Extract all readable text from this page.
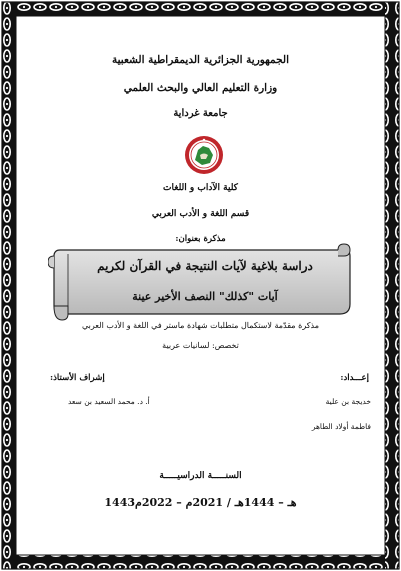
الجمهورية الجزائرية الديمقراطية الشعبية
وزارة التعليم العالي والبحث العلمي
جامعة غرداية
كلية الآداب و اللغات
قسم اللغة و الأدب العربي
مذكرة بعنوان:
دراسة بلاغية لآيات النتيجة في القرآن لكريم
آيات "كذلك" النصف الأخير عينة
مذكرة مقدّمة لاستكمال متطلبات شهادة ماستر في اللغة و الأدب العربي
تخصص: لسانيات عربية
إعـــداد:
إشراف الأستاذ:
خديجة بن علية
فاطمة أولاد الطاهر
أ. د. محمد السعيد بن سعد
السنـــــة الدراسيـــــة
1443هـ – 1444هـ / 2021م – 2022م
